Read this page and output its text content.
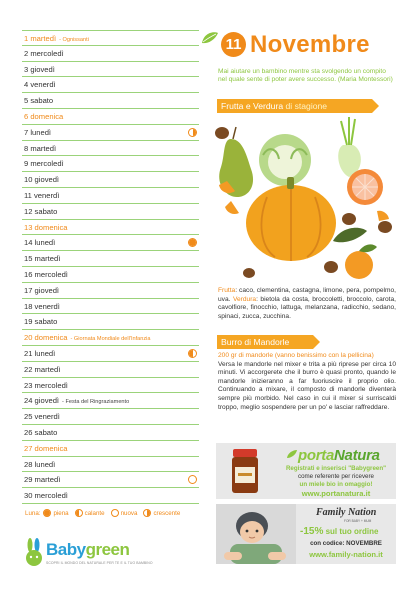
1 martedì - Ognissanti
2 mercoledì
3 giovedì
4 venerdì
5 sabato
6 domenica
7 lunedì
8 martedì
9 mercoledì
10 giovedì
11 venerdì
12 sabato
13 domenica
14 lunedì
15 martedì
16 mercoledì
17 giovedì
18 venerdì
19 sabato
20 domenica - Giornata Mondiale dell'Infanzia
21 lunedì
22 martedì
23 mercoledì
24 giovedì - Festa del Ringraziamento
25 venerdì
26 sabato
27 domenica
28 lunedì
29 martedì
30 mercoledì
Luna: piena	calante	nuova	crescente
Babygreen
SCOPRI IL MONDO DEL NATURALE PER TE E IL TUO BAMBINO
11 Novembre
Mai aiutare un bambino mentre sta svolgendo un compito nel quale sente di poter avere successo. (Maria Montessori)
Frutta e Verdura di stagione
Frutta: caco, clementina, castagna, limone, pera, pompelmo, uva. Verdura: bietola da costa, broccoletti, broccolo, carota, cavolfiore, finocchio, lattuga, melanzana, radicchio, sedano, spinaci, zucca, zucchina.
Burro di Mandorle
200 gr di mandorle (vanno benissimo con la pellicina)
Versa le mandorle nel mixer e trita a più riprese per circa 10 minuti. Vi accorgerete che il burro è quasi pronto, quando le mandorle inizieranno a far fuoriuscire il proprio olio. Continuando a mixare, il composto di mandorle diventerà sempre più morbido. Nel caso in cui il mixer si surriscaldi troppo, meglio sospendere per un po' e lasciar raffreddare.
portaNatura
Registrati e inserisci "Babygreen"
come referente per ricevere
un miele bio in omaggio!
www.portanatura.it
Family Nation
FOR BABY + MUM
-15% sul tuo ordine
con codice: NOVEMBRE
www.family-nation.it
